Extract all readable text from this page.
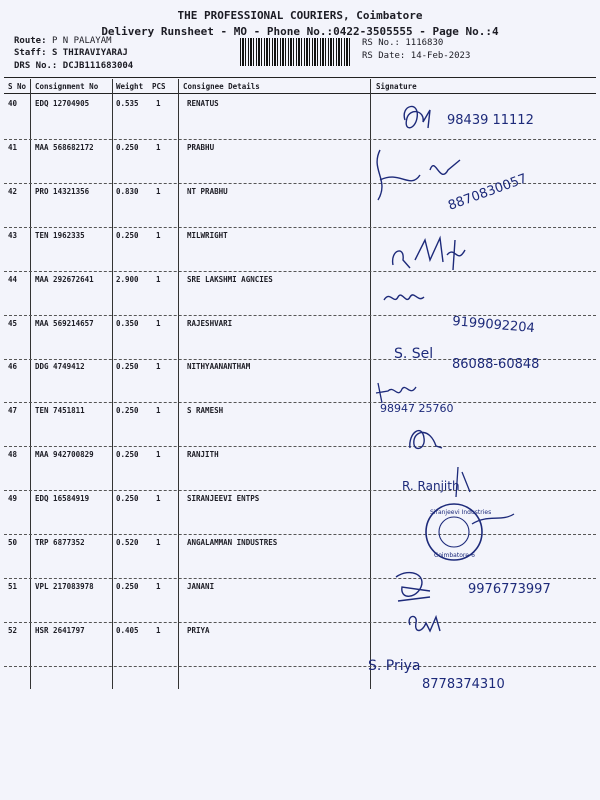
THE PROFESSIONAL COURIERS, Coimbatore
Delivery Runsheet - MO - Phone No.:0422-3505555 - Page No.:4
Route: P N PALAYAM
Staff: S THIRAVIYARAJ
DRS No.: DCJB111683004
RS No.: 1116830
RS Date: 14-Feb-2023
S No Consignment No Weight PCS Consignee Details	Signature
40 EDQ 12704905	0.535 1	RENATUS
41 MAA 568682172	0.250 1	PRABHU
42 PRO 14321356	0.830 1	NT PRABHU
43 TEN 1962335	0.250 1	MILWRIGHT
44 MAA 292672641	2.900 1	SRE LAKSHMI AGNCIES
45 MAA 569214657	0.350 1	RAJESHVARI
46 DDG 4749412	0.250 1	NITHYAANANTHAM
47 TEN 7451811	0.250 1	S RAMESH
48 MAA 942700829	0.250 1	RANJITH
49 EDQ 16584919	0.250 1	SIRANJEEVI ENTPS
50 TRP 6877352	0.520 1	ANGALAMMAN INDUSTRES
51 VPL 217083978	0.250 1	JANANI
52 HSR 2641797	0.405 1	PRIYA
98439 11112
8870830057
9199092204
S. Sel
86088-60848
98947 25760
R. Ranjith
Siranjeevi Industries
Coimbatore-6
9976773997
S. Priya
8778374310
